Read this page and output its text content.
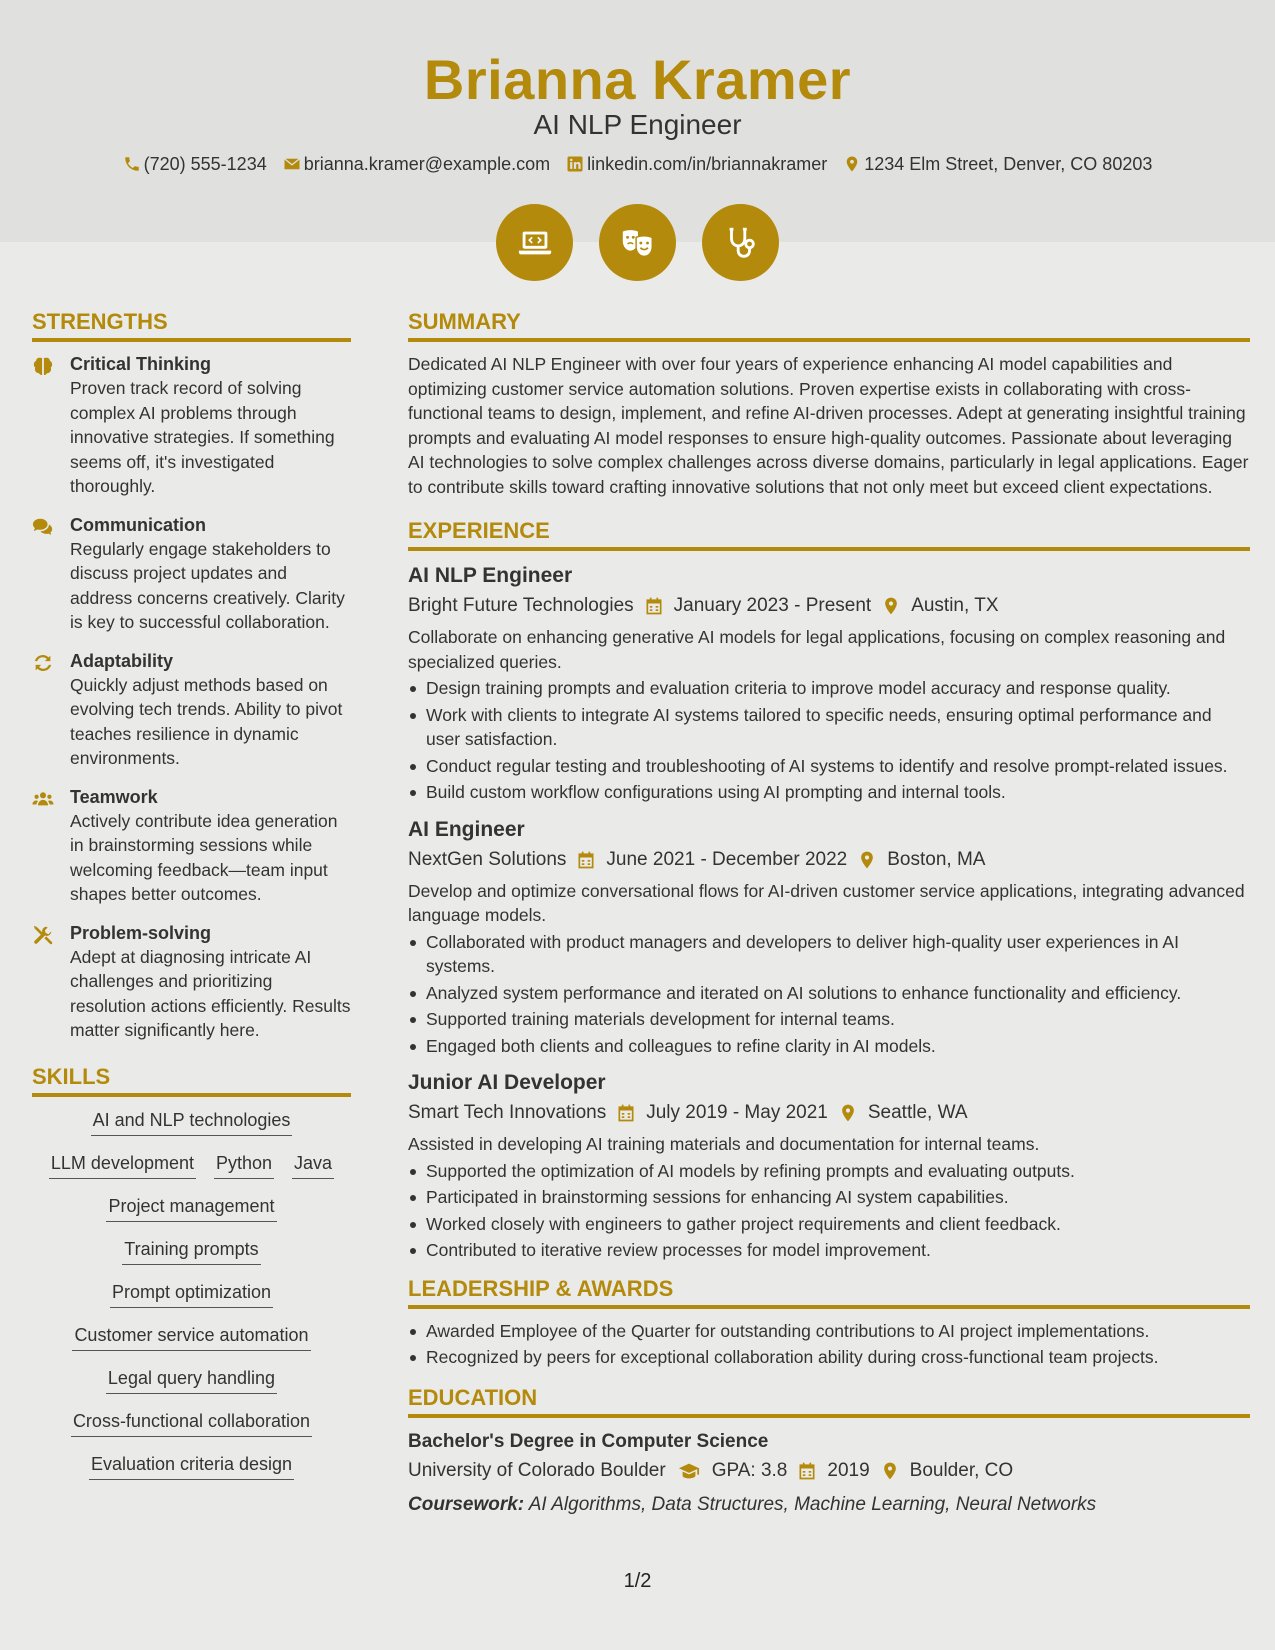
Brianna Kramer
AI NLP Engineer
(720) 555-1234 brianna.kramer@example.com linkedin.com/in/briannakramer 1234 Elm Street, Denver, CO 80203
STRENGTHS
Critical Thinking
Proven track record of solving complex AI problems through innovative strategies. If something seems off, it's investigated thoroughly.
Communication
Regularly engage stakeholders to discuss project updates and address concerns creatively. Clarity is key to successful collaboration.
Adaptability
Quickly adjust methods based on evolving tech trends. Ability to pivot teaches resilience in dynamic environments.
Teamwork
Actively contribute idea generation in brainstorming sessions while welcoming feedback—team input shapes better outcomes.
Problem-solving
Adept at diagnosing intricate AI challenges and prioritizing resolution actions efficiently. Results matter significantly here.
SKILLS
AI and NLP technologies
LLM development Python Java
Project management
Training prompts
Prompt optimization
Customer service automation
Legal query handling
Cross-functional collaboration
Evaluation criteria design
SUMMARY
Dedicated AI NLP Engineer with over four years of experience enhancing AI model capabilities and optimizing customer service automation solutions. Proven expertise exists in collaborating with cross-functional teams to design, implement, and refine AI-driven processes. Adept at generating insightful training prompts and evaluating AI model responses to ensure high-quality outcomes. Passionate about leveraging AI technologies to solve complex challenges across diverse domains, particularly in legal applications. Eager to contribute skills toward crafting innovative solutions that not only meet but exceed client expectations.
EXPERIENCE
AI NLP Engineer
Bright Future Technologies January 2023 - Present Austin, TX
Collaborate on enhancing generative AI models for legal applications, focusing on complex reasoning and specialized queries.
Design training prompts and evaluation criteria to improve model accuracy and response quality.
Work with clients to integrate AI systems tailored to specific needs, ensuring optimal performance and user satisfaction.
Conduct regular testing and troubleshooting of AI systems to identify and resolve prompt-related issues.
Build custom workflow configurations using AI prompting and internal tools.
AI Engineer
NextGen Solutions June 2021 - December 2022 Boston, MA
Develop and optimize conversational flows for AI-driven customer service applications, integrating advanced language models.
Collaborated with product managers and developers to deliver high-quality user experiences in AI systems.
Analyzed system performance and iterated on AI solutions to enhance functionality and efficiency.
Supported training materials development for internal teams.
Engaged both clients and colleagues to refine clarity in AI models.
Junior AI Developer
Smart Tech Innovations July 2019 - May 2021 Seattle, WA
Assisted in developing AI training materials and documentation for internal teams.
Supported the optimization of AI models by refining prompts and evaluating outputs.
Participated in brainstorming sessions for enhancing AI system capabilities.
Worked closely with engineers to gather project requirements and client feedback.
Contributed to iterative review processes for model improvement.
LEADERSHIP & AWARDS
Awarded Employee of the Quarter for outstanding contributions to AI project implementations.
Recognized by peers for exceptional collaboration ability during cross-functional team projects.
EDUCATION
Bachelor's Degree in Computer Science
University of Colorado Boulder GPA: 3.8 2019 Boulder, CO
Coursework: AI Algorithms, Data Structures, Machine Learning, Neural Networks
1/2
